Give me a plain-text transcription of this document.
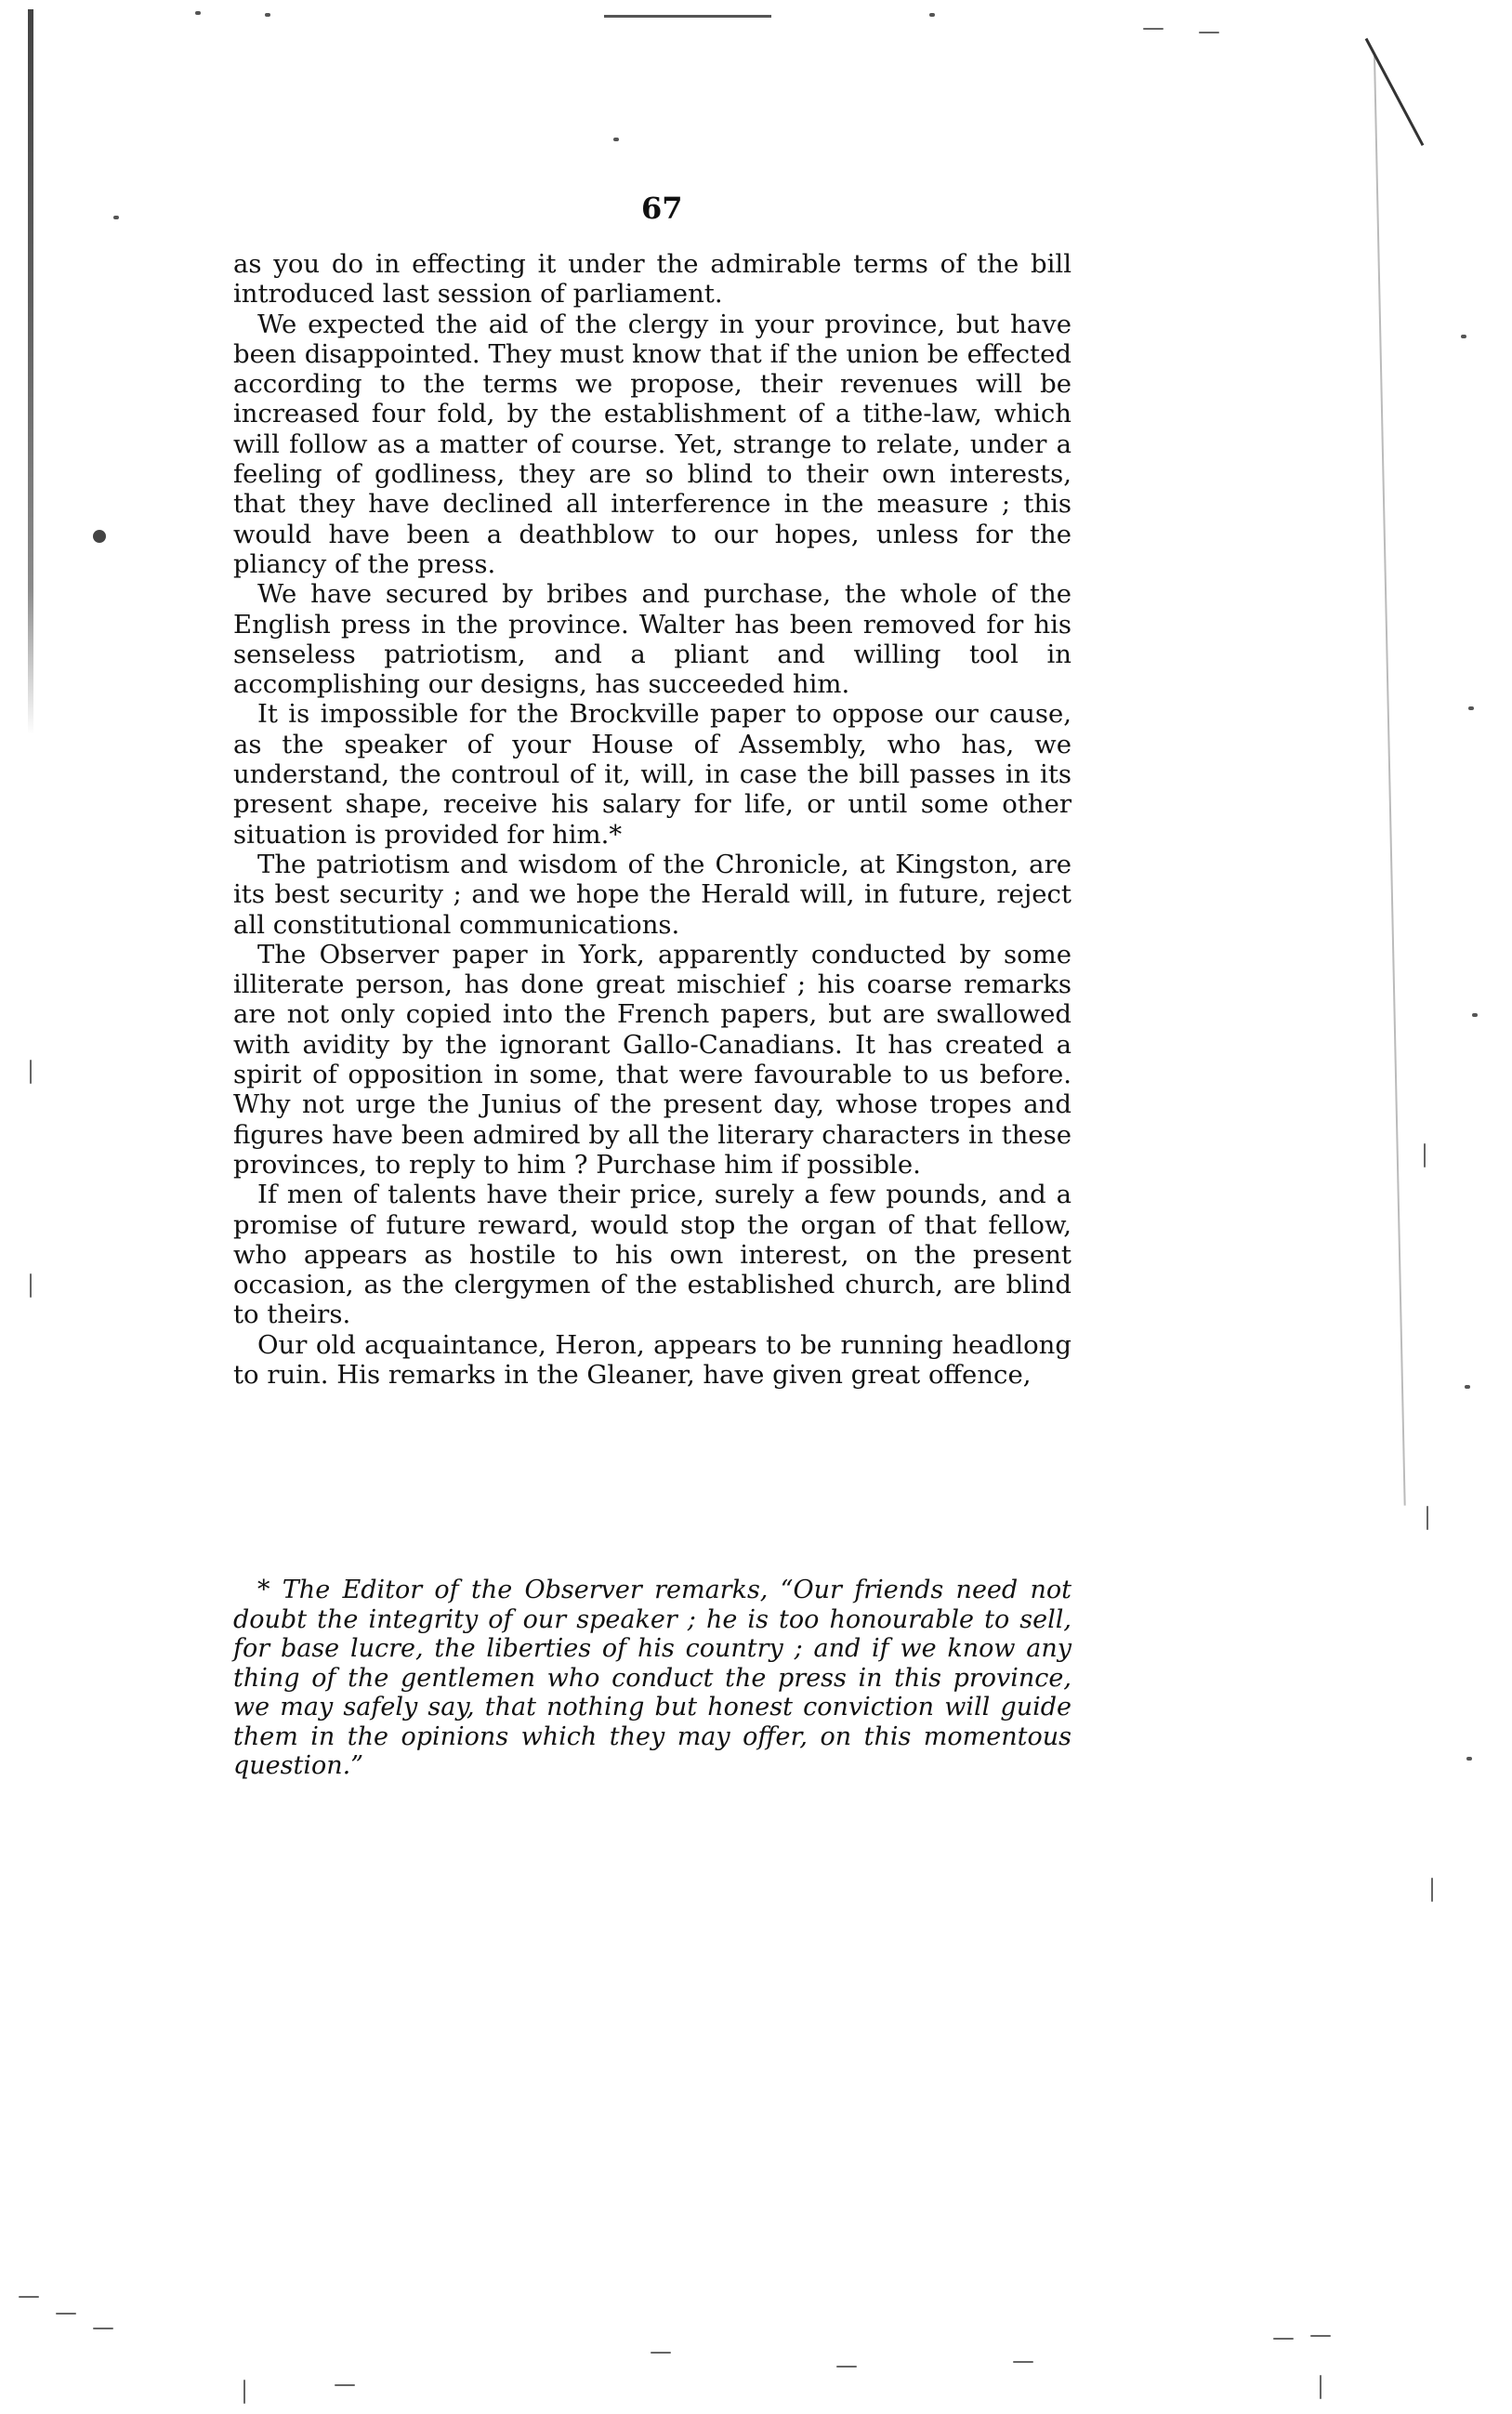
67

as you do in effecting it under the admirable terms of the bill introduced last session of parliament.

We expected the aid of the clergy in your province, but have been disappointed. They must know that if the union be effected according to the terms we propose, their revenues will be increased four fold, by the establishment of a tithe-law, which will follow as a matter of course. Yet, strange to relate, under a feeling of godliness, they are so blind to their own interests, that they have declined all interference in the measure ; this would have been a deathblow to our hopes, unless for the pliancy of the press.

We have secured by bribes and purchase, the whole of the English press in the province. Walter has been removed for his senseless patriotism, and a pliant and willing tool in accomplishing our designs, has succeeded him.

It is impossible for the Brockville paper to oppose our cause, as the speaker of your House of Assembly, who has, we understand, the controul of it, will, in case the bill passes in its present shape, receive his salary for life, or until some other situation is provided for him.*

The patriotism and wisdom of the Chronicle, at Kingston, are its best security ; and we hope the Herald will, in future, reject all constitutional communications.

The Observer paper in York, apparently conducted by some illiterate person, has done great mischief ; his coarse remarks are not only copied into the French papers, but are swallowed with avidity by the ignorant Gallo-Canadians. It has created a spirit of opposition in some, that were favourable to us before. Why not urge the Junius of the present day, whose tropes and figures have been admired by all the literary characters in these provinces, to reply to him ? Purchase him if possible.

If men of talents have their price, surely a few pounds, and a promise of future reward, would stop the organ of that fellow, who appears as hostile to his own interest, on the present occasion, as the clergymen of the established church, are blind to theirs.

Our old acquaintance, Heron, appears to be running headlong to ruin. His remarks in the Gleaner, have given great offence,

* The Editor of the Observer remarks, “Our friends need not doubt the integrity of our speaker ; he is too honourable to sell, for base lucre, the liberties of his country ; and if we know any thing of the gentlemen who conduct the press in this province, we may safely say, that nothing but honest conviction will guide them in the opinions which they may offer, on this momentous question.”
